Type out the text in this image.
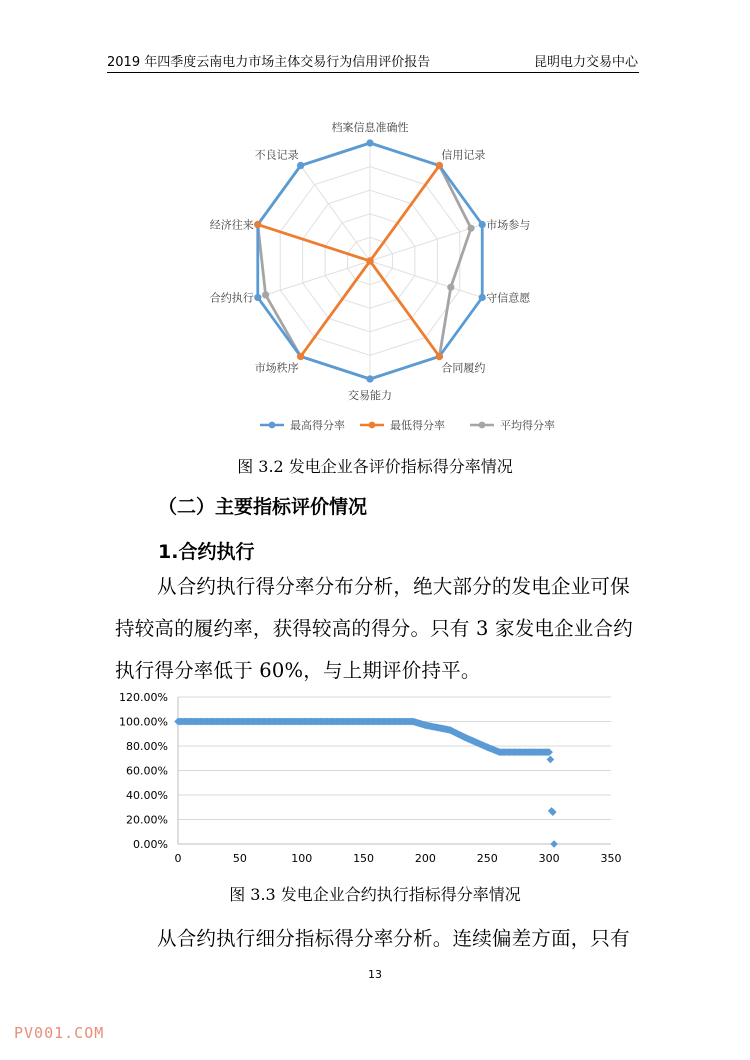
2019 年四季度云南电力市场主体交易行为信用评价报告	昆明电力交易中心
档案信息准确性
信用记录
市场参与
守信意愿
合同履约
交易能力
市场秩序
合约执行
经济往来
不良记录
最高得分率	最低得分率	平均得分率
图 3.2 发电企业各评价指标得分率情况
（二）主要指标评价情况
1.合约执行
从合约执行得分率分布分析，绝大部分的发电企业可保持较高的履约率，获得较高的得分。只有 3 家发电企业合约执行得分率低于 60%，与上期评价持平。
0.00%
20.00%
40.00%
60.00%
80.00%
100.00%
120.00%
0	50	100	150	200	250	300	350
图 3.3 发电企业合约执行指标得分率情况
从合约执行细分指标得分率分析。连续偏差方面，只有
13
PV001.COM
